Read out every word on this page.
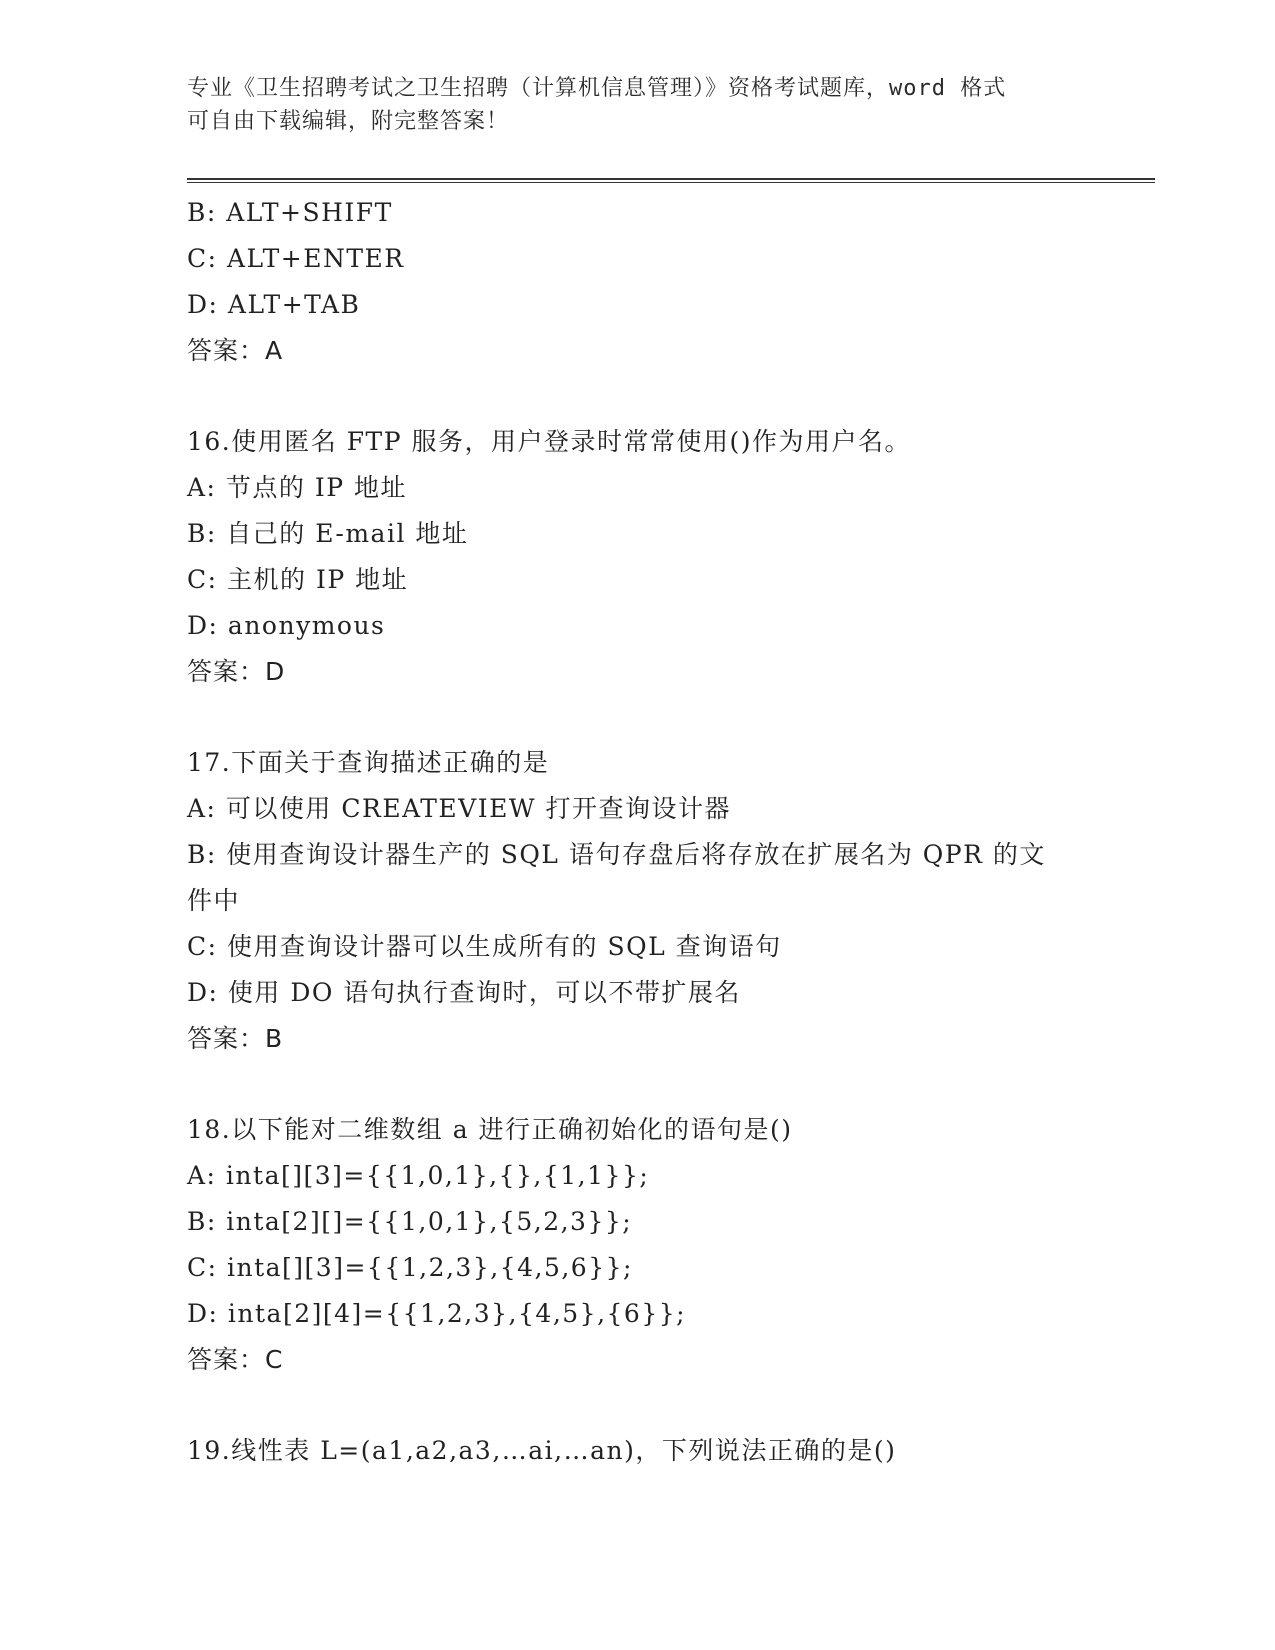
专业《卫生招聘考试之卫生招聘（计算机信息管理）》资格考试题库，word 格式
可自由下载编辑，附完整答案！
B: ALT+SHIFT
C: ALT+ENTER
D: ALT+TAB
答案：A
16.使用匿名 FTP 服务，用户登录时常常使用()作为用户名。
A: 节点的 IP 地址
B: 自己的 E-mail 地址
C: 主机的 IP 地址
D: anonymous
答案：D
17.下面关于查询描述正确的是
A: 可以使用 CREATEVIEW 打开查询设计器
B: 使用查询设计器生产的 SQL 语句存盘后将存放在扩展名为 QPR 的文
件中
C: 使用查询设计器可以生成所有的 SQL 查询语句
D: 使用 DO 语句执行查询时，可以不带扩展名
答案：B
18.以下能对二维数组 a 进行正确初始化的语句是()
A: inta[][3]={{1,0,1},{},{1,1}};
B: inta[2][]={{1,0,1},{5,2,3}};
C: inta[][3]={{1,2,3},{4,5,6}};
D: inta[2][4]={{1,2,3},{4,5},{6}};
答案：C
19.线性表 L=(a1,a2,a3,…ai,…an)，下列说法正确的是()
